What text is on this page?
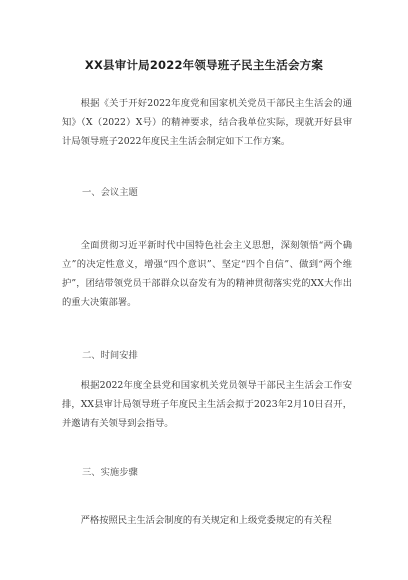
XX县审计局2022年领导班子民主生活会方案

根据《关于开好2022年度党和国家机关党员干部民主生活会的通知》（X（2022）X号）的精神要求，结合我单位实际，现就开好县审计局领导班子2022年度民主生活会制定如下工作方案。

一、会议主题

全面贯彻习近平新时代中国特色社会主义思想，深刻领悟“两个确立”的决定性意义，增强“四个意识”、坚定“四个自信”、做到“两个维护”，团结带领党员干部群众以奋发有为的精神贯彻落实党的XX大作出的重大决策部署。

二、时间安排

根据2022年度全县党和国家机关党员领导干部民主生活会工作安排，XX县审计局领导班子年度民主生活会拟于2023年2月10日召开，并邀请有关领导到会指导。

三、实施步骤

严格按照民主生活会制度的有关规定和上级党委规定的有关程
